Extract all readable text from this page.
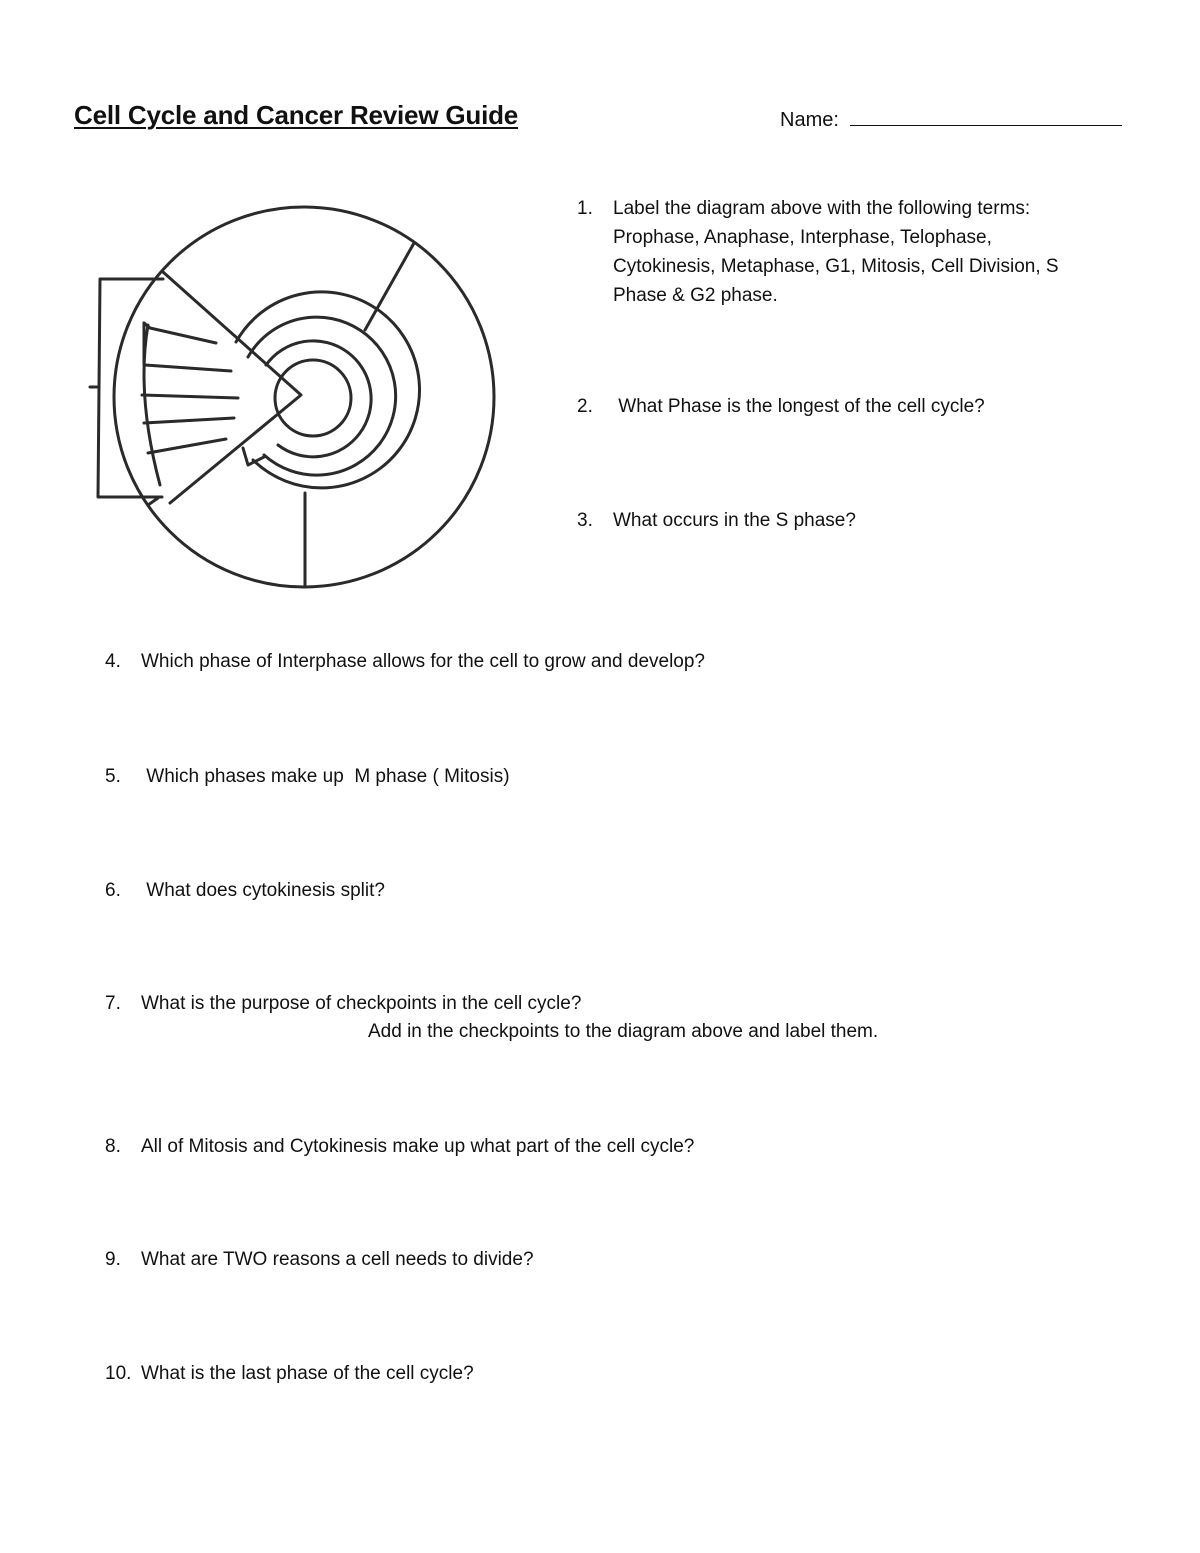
Cell Cycle and Cancer Review Guide	Name:
1. Label the diagram above with the following terms:
Prophase, Anaphase, Interphase, Telophase,
Cytokinesis, Metaphase, G1, Mitosis, Cell Division, S
Phase & G2 phase.
2. What Phase is the longest of the cell cycle?
3. What occurs in the S phase?
4. Which phase of Interphase allows for the cell to grow and develop?
5. Which phases make up  M phase ( Mitosis)
6. What does cytokinesis split?
7. What is the purpose of checkpoints in the cell cycle?
Add in the checkpoints to the diagram above and label them.
8. All of Mitosis and Cytokinesis make up what part of the cell cycle?
9. What are TWO reasons a cell needs to divide?
10. What is the last phase of the cell cycle?
